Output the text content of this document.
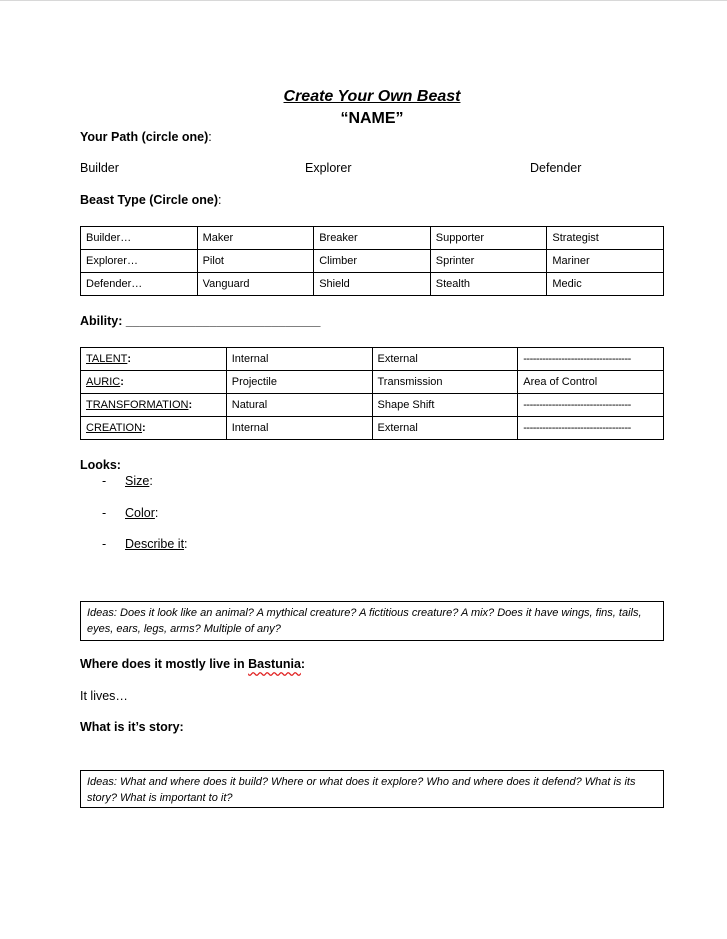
Create Your Own Beast
“NAME”
Your Path (circle one):
Builder	Explorer	Defender
Beast Type (Circle one):
Builder…	Maker	Breaker	Supporter	Strategist
Explorer…	Pilot	Climber	Sprinter	Mariner
Defender…	Vanguard	Shield	Stealth	Medic
Ability: ____________________________
TALENT:	Internal	External	----------------------------------
AURIC:	Projectile	Transmission	Area of Control
TRANSFORMATION:	Natural	Shape Shift	----------------------------------
CREATION:	Internal	External	----------------------------------
Looks:
- Size:
- Color:
- Describe it:
Ideas: Does it look like an animal? A mythical creature? A fictitious creature? A mix? Does it have wings, fins, tails, eyes, ears, legs, arms? Multiple of any?
Where does it mostly live in Bastunia:
It lives…
What is it’s story:
Ideas: What and where does it build? Where or what does it explore? Who and where does it defend? What is its story? What is important to it?
